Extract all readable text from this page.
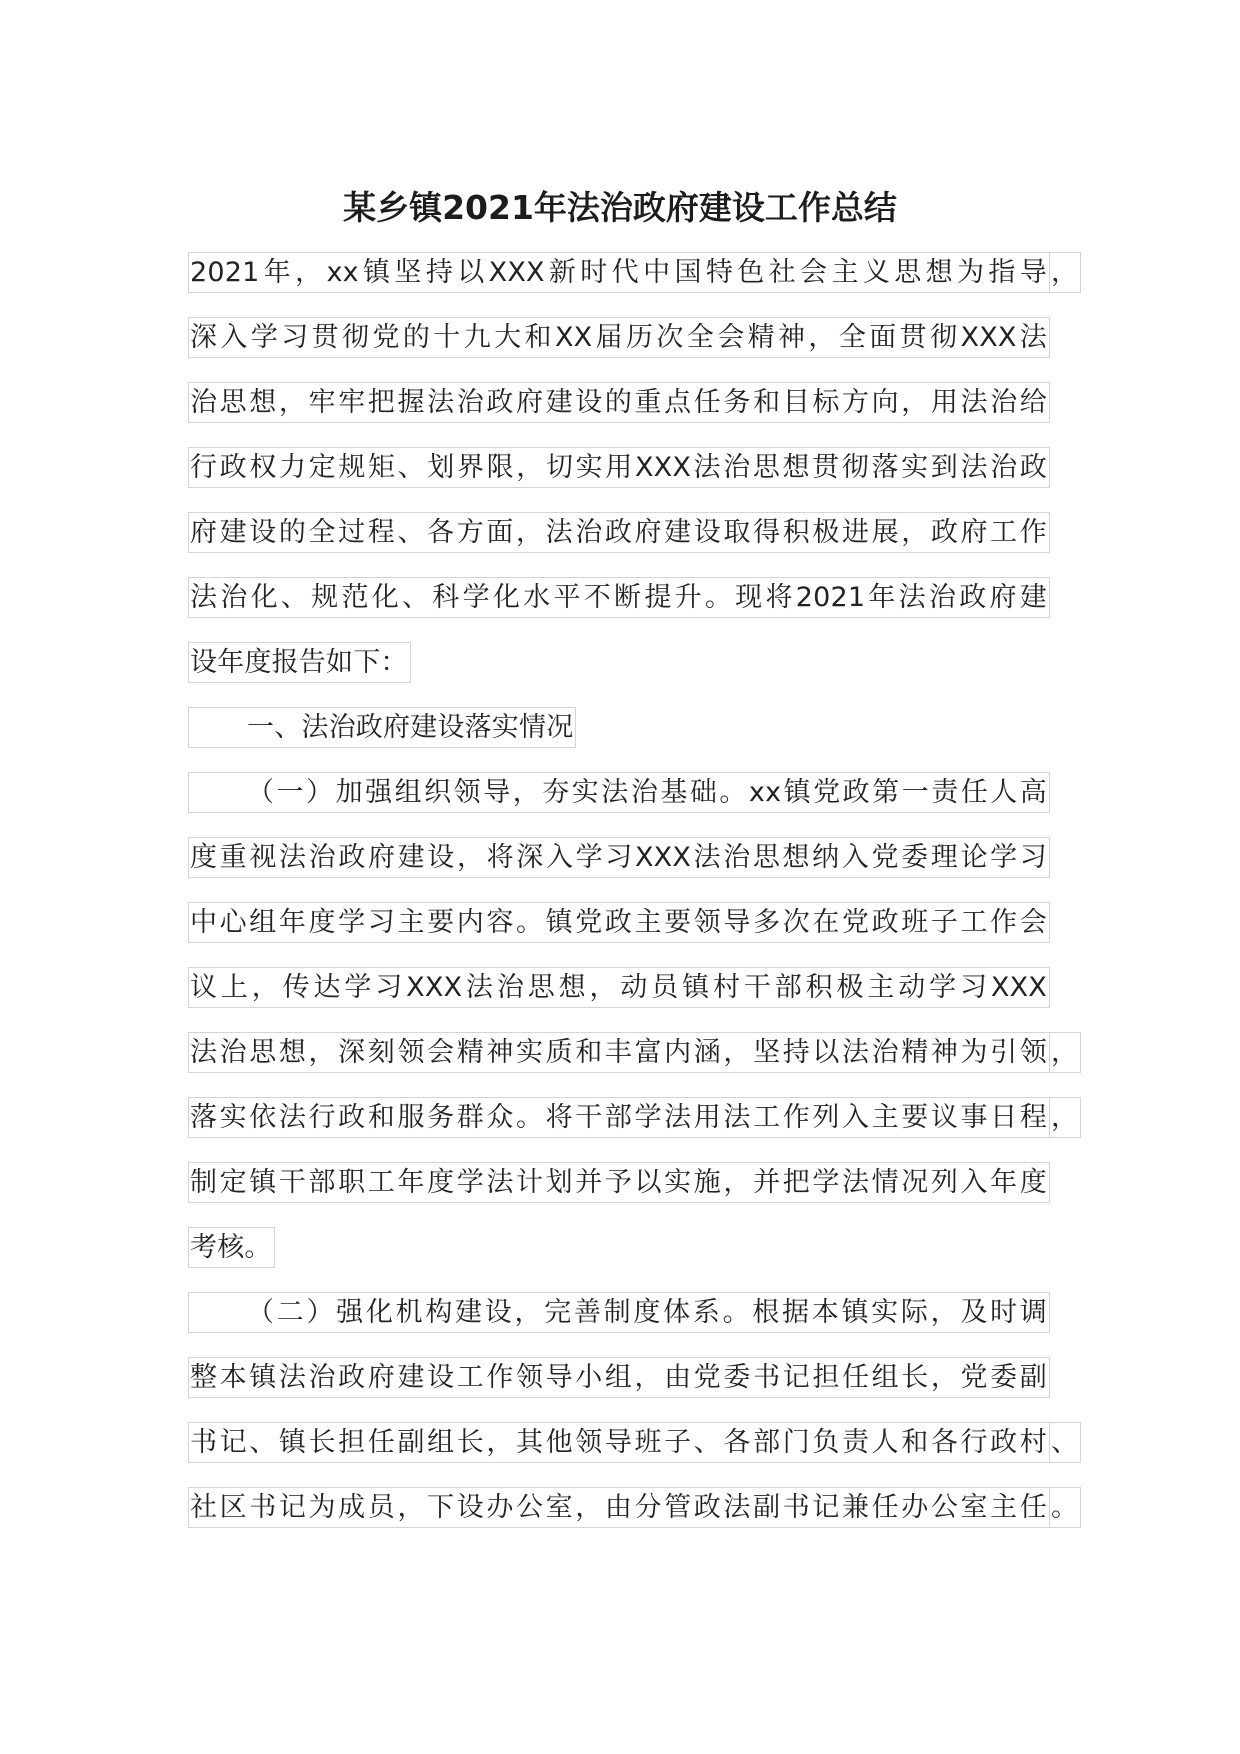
某乡镇2021年法治政府建设工作总结
2021年，xx镇坚持以XXX新时代中国特色社会主义思想为指导 ，
深入学习贯彻党的十九大和XX届历次全会精神，全面贯彻XXX法
治思想，牢牢把握法治政府建设的重点任务和目标方向，用法治给
行政权力定规矩、划界限，切实用XXX法治思想贯彻落实到法治政
府建设的全过程、各方面，法治政府建设取得积极进展，政府工作
法治化、规范化、科学化水平不断提升。现将2021年法治政府建
设年度报告如下：
一、法治政府建设落实情况
（一）加强组织领导，夯实法治基础。xx镇党政第一责任人高
度重视法治政府建设，将深入学习XXX法治思想纳入党委理论学习
中心组年度学习主要内容。镇党政主要领导多次在党政班子工作会
议上，传达学习XXX法治思想，动员镇村干部积极主动学习XXX
法治思想，深刻领会精神实质和丰富内涵，坚持以法治精神为引领 ，
落实依法行政和服务群众。将干部学法用法工作列入主要议事日程 ，
制定镇干部职工年度学法计划并予以实施，并把学法情况列入年度
考核。
（二）强化机构建设，完善制度体系。根据本镇实际，及时调
整本镇法治政府建设工作领导小组，由党委书记担任组长，党委副
书记、镇长担任副组长，其他领导班子、各部门负责人和各行政村 、
社区书记为成员，下设办公室，由分管政法副书记兼任办公室主任 。
